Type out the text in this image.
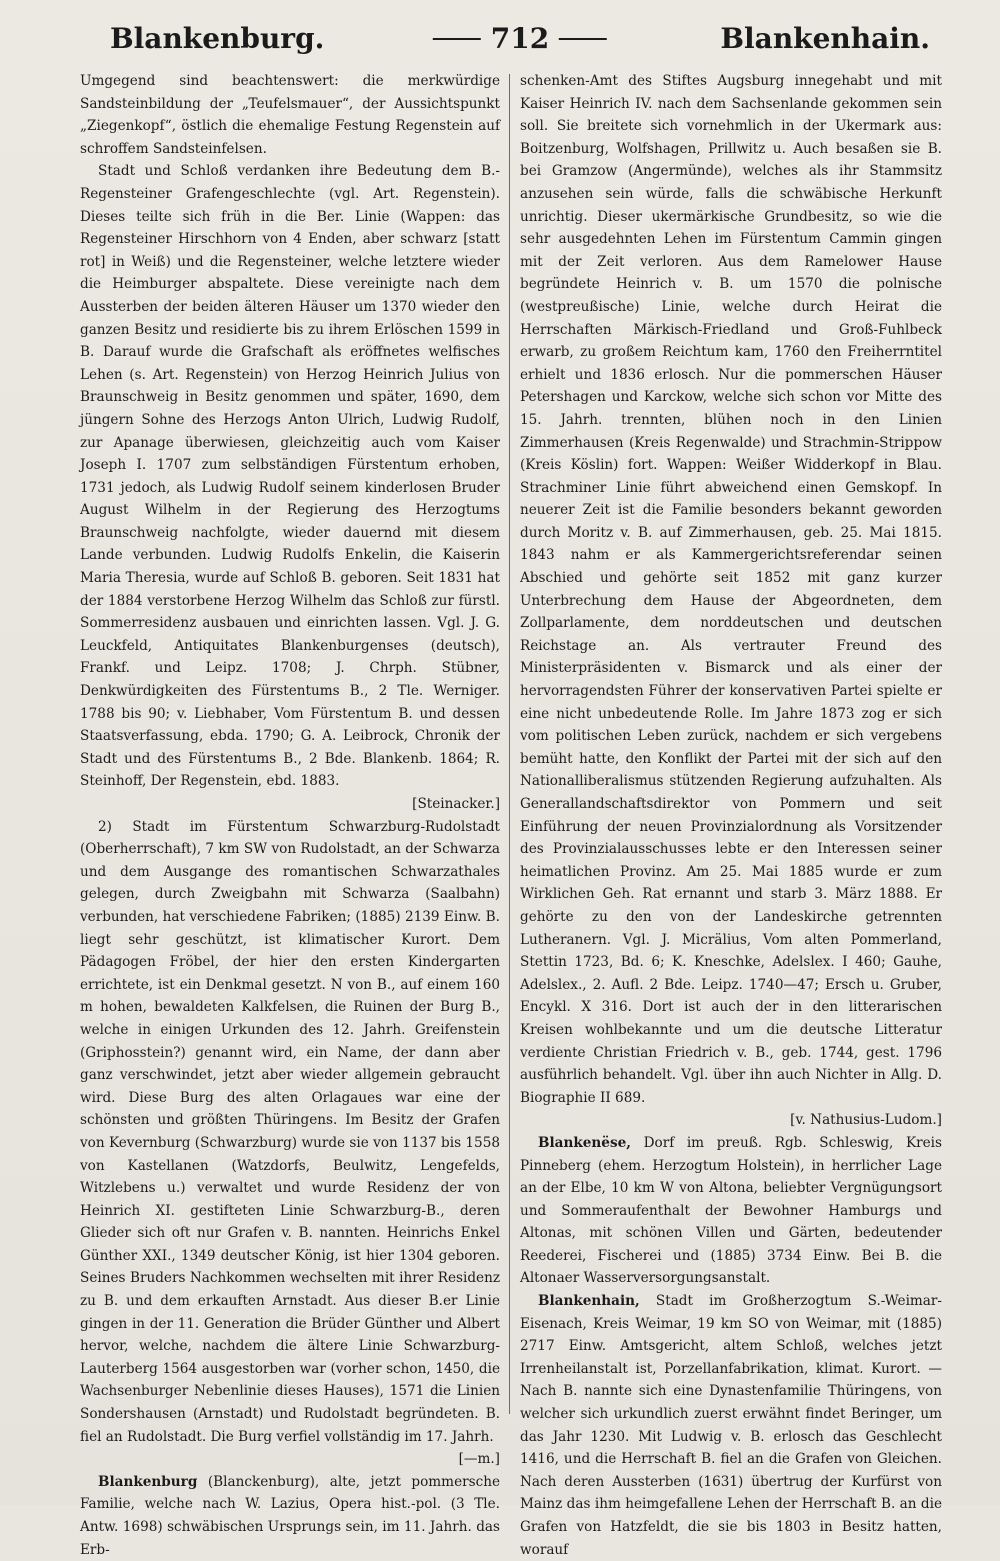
Blankenburg.	712	Blankenhain.

Umgegend sind beachtenswert: die merkwürdige Sandsteinbildung der „Teufelsmauer“, der Aussichtspunkt „Ziegenkopf“, östlich die ehemalige Festung Regenstein auf schroffem Sandsteinfelsen.

Stadt und Schloß verdanken ihre Bedeutung dem B.-Regensteiner Grafengeschlechte (vgl. Art. Regenstein). Dieses teilte sich früh in die Ber. Linie (Wappen: das Regensteiner Hirschhorn von 4 Enden, aber schwarz [statt rot] in Weiß) und die Regensteiner, welche letztere wieder die Heimburger abspaltete. Diese vereinigte nach dem Aussterben der beiden älteren Häuser um 1370 wieder den ganzen Besitz und residierte bis zu ihrem Erlöschen 1599 in B. Darauf wurde die Grafschaft als eröffnetes welfisches Lehen (s. Art. Regenstein) von Herzog Heinrich Julius von Braunschweig in Besitz genommen und später, 1690, dem jüngern Sohne des Herzogs Anton Ulrich, Ludwig Rudolf, zur Apanage überwiesen, gleichzeitig auch vom Kaiser Joseph I. 1707 zum selbständigen Fürstentum erhoben, 1731 jedoch, als Ludwig Rudolf seinem kinderlosen Bruder August Wilhelm in der Regierung des Herzogtums Braunschweig nachfolgte, wieder dauernd mit diesem Lande verbunden. Ludwig Rudolfs Enkelin, die Kaiserin Maria Theresia, wurde auf Schloß B. geboren. Seit 1831 hat der 1884 verstorbene Herzog Wilhelm das Schloß zur fürstl. Sommerresidenz ausbauen und einrichten lassen. Vgl. J. G. Leuckfeld, Antiquitates Blankenburgenses (deutsch), Frankf. und Leipz. 1708; J. Chrph. Stübner, Denkwürdigkeiten des Fürstentums B., 2 Tle. Werniger. 1788 bis 90; v. Liebhaber, Vom Fürstentum B. und dessen Staatsverfassung, ebda. 1790; G. A. Leibrock, Chronik der Stadt und des Fürstentums B., 2 Bde. Blankenb. 1864; R. Steinhoff, Der Regenstein, ebd. 1883.

[Steinacker.]

2) Stadt im Fürstentum Schwarzburg-Rudolstadt (Oberherrschaft), 7 km SW von Rudolstadt, an der Schwarza und dem Ausgange des romantischen Schwarzathales gelegen, durch Zweigbahn mit Schwarza (Saalbahn) verbunden, hat verschiedene Fabriken; (1885) 2139 Einw. B. liegt sehr geschützt, ist klimatischer Kurort. Dem Pädagogen Fröbel, der hier den ersten Kindergarten errichtete, ist ein Denkmal gesetzt. N von B., auf einem 160 m hohen, bewaldeten Kalkfelsen, die Ruinen der Burg B., welche in einigen Urkunden des 12. Jahrh. Greifenstein (Griphosstein?) genannt wird, ein Name, der dann aber ganz verschwindet, jetzt aber wieder allgemein gebraucht wird. Diese Burg des alten Orlagaues war eine der schönsten und größten Thüringens. Im Besitz der Grafen von Kevernburg (Schwarzburg) wurde sie von 1137 bis 1558 von Kastellanen (Watzdorfs, Beulwitz, Lengefelds, Witzlebens u.) verwaltet und wurde Residenz der von Heinrich XI. gestifteten Linie Schwarzburg-B., deren Glieder sich oft nur Grafen v. B. nannten. Heinrichs Enkel Günther XXI., 1349 deutscher König, ist hier 1304 geboren. Seines Bruders Nachkommen wechselten mit ihrer Residenz zu B. und dem erkauften Arnstadt. Aus dieser B.er Linie gingen in der 11. Generation die Brüder Günther und Albert hervor, welche, nachdem die ältere Linie Schwarzburg-Lauterberg 1564 ausgestorben war (vorher schon, 1450, die Wachsenburger Nebenlinie dieses Hauses), 1571 die Linien Sondershausen (Arnstadt) und Rudolstadt begründeten. B. fiel an Rudolstadt. Die Burg verfiel vollständig im 17. Jahrh.

[—m.]

Blankenburg (Blanckenburg), alte, jetzt pommersche Familie, welche nach W. Lazius, Opera hist.-pol. (3 Tle. Antw. 1698) schwäbischen Ursprungs sein, im 11. Jahrh. das Erb-

schenken-Amt des Stiftes Augsburg innegehabt und mit Kaiser Heinrich IV. nach dem Sachsenlande gekommen sein soll. Sie breitete sich vornehmlich in der Ukermark aus: Boitzenburg, Wolfshagen, Prillwitz u. Auch besaßen sie B. bei Gramzow (Angermünde), welches als ihr Stammsitz anzusehen sein würde, falls die schwäbische Herkunft unrichtig. Dieser ukermärkische Grundbesitz, so wie die sehr ausgedehnten Lehen im Fürstentum Cammin gingen mit der Zeit verloren. Aus dem Ramelower Hause begründete Heinrich v. B. um 1570 die polnische (westpreußische) Linie, welche durch Heirat die Herrschaften Märkisch-Friedland und Groß-Fuhlbeck erwarb, zu großem Reichtum kam, 1760 den Freiherrntitel erhielt und 1836 erlosch. Nur die pommerschen Häuser Petershagen und Karckow, welche sich schon vor Mitte des 15. Jahrh. trennten, blühen noch in den Linien Zimmerhausen (Kreis Regenwalde) und Strachmin-Strippow (Kreis Köslin) fort. Wappen: Weißer Widderkopf in Blau. Strachminer Linie führt abweichend einen Gemskopf. In neuerer Zeit ist die Familie besonders bekannt geworden durch Moritz v. B. auf Zimmerhausen, geb. 25. Mai 1815. 1843 nahm er als Kammergerichtsreferendar seinen Abschied und gehörte seit 1852 mit ganz kurzer Unterbrechung dem Hause der Abgeordneten, dem Zollparlamente, dem norddeutschen und deutschen Reichstage an. Als vertrauter Freund des Ministerpräsidenten v. Bismarck und als einer der hervorragendsten Führer der konservativen Partei spielte er eine nicht unbedeutende Rolle. Im Jahre 1873 zog er sich vom politischen Leben zurück, nachdem er sich vergebens bemüht hatte, den Konflikt der Partei mit der sich auf den Nationalliberalismus stützenden Regierung aufzuhalten. Als Generallandschaftsdirektor von Pommern und seit Einführung der neuen Provinzialordnung als Vorsitzender des Provinzialausschusses lebte er den Interessen seiner heimatlichen Provinz. Am 25. Mai 1885 wurde er zum Wirklichen Geh. Rat ernannt und starb 3. März 1888. Er gehörte zu den von der Landeskirche getrennten Lutheranern. Vgl. J. Micrälius, Vom alten Pommerland, Stettin 1723, Bd. 6; K. Kneschke, Adelslex. I 460; Gauhe, Adelslex., 2. Aufl. 2 Bde. Leipz. 1740—47; Ersch u. Gruber, Encykl. X 316. Dort ist auch der in den litterarischen Kreisen wohlbekannte und um die deutsche Litteratur verdiente Christian Friedrich v. B., geb. 1744, gest. 1796 ausführlich behandelt. Vgl. über ihn auch Nichter in Allg. D. Biographie II 689.

[v. Nathusius-Ludom.]

Blankenëse, Dorf im preuß. Rgb. Schleswig, Kreis Pinneberg (ehem. Herzogtum Holstein), in herrlicher Lage an der Elbe, 10 km W von Altona, beliebter Vergnügungsort und Sommeraufenthalt der Bewohner Hamburgs und Altonas, mit schönen Villen und Gärten, bedeutender Reederei, Fischerei und (1885) 3734 Einw. Bei B. die Altonaer Wasserversorgungsanstalt.

Blankenhain, Stadt im Großherzogtum S.-Weimar-Eisenach, Kreis Weimar, 19 km SO von Weimar, mit (1885) 2717 Einw. Amtsgericht, altem Schloß, welches jetzt Irrenheilanstalt ist, Porzellanfabrikation, klimat. Kurort. — Nach B. nannte sich eine Dynastenfamilie Thüringens, von welcher sich urkundlich zuerst erwähnt findet Beringer, um das Jahr 1230. Mit Ludwig v. B. erlosch das Geschlecht 1416, und die Herrschaft B. fiel an die Grafen von Gleichen. Nach deren Aussterben (1631) übertrug der Kurfürst von Mainz das ihm heimgefallene Lehen der Herrschaft B. an die Grafen von Hatzfeldt, die sie bis 1803 in Besitz hatten, worauf
